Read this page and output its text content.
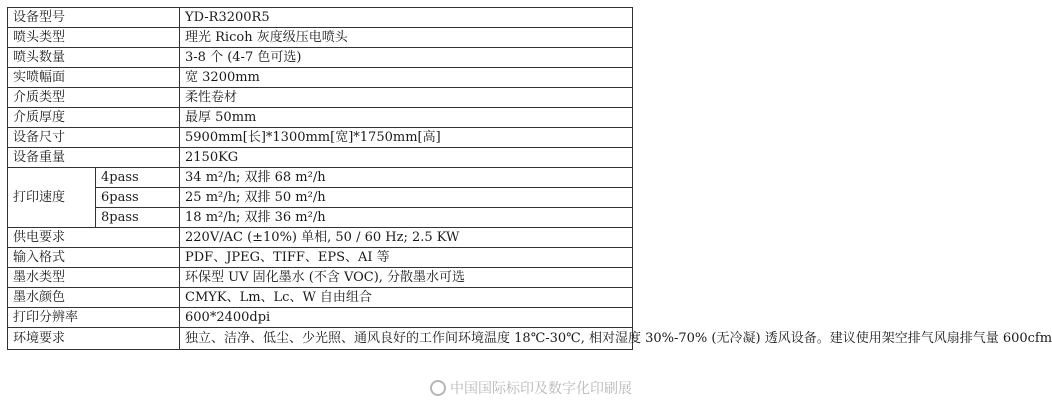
设备型号		YD-R3200R5
喷头类型		理光 Ricoh 灰度级压电喷头
喷头数量		3-8 个 (4-7 色可选)
实喷幅面		宽 3200mm
介质类型		柔性卷材
介质厚度		最厚 50mm
设备尺寸		5900mm[长]*1300mm[宽]*1750mm[高]
设备重量		2150KG
打印速度	4pass	34 m²/h; 双排 68 m²/h
	6pass	25 m²/h; 双排 50 m²/h
	8pass	18 m²/h; 双排 36 m²/h
供电要求		220V/AC (±10%) 单相, 50 / 60 Hz; 2.5 KW
输入格式		PDF、JPEG、TIFF、EPS、AI 等
墨水类型		环保型 UV 固化墨水 (不含 VOC), 分散墨水可选
墨水颜色		CMYK、Lm、Lc、W 自由组合
打印分辨率		600*2400dpi
环境要求		独立、洁净、低尘、少光照、通风良好的工作间环境温度 18℃-30℃, 相对湿度 30%-70% (无冷凝) 透风设备。建议使用架空排气风扇排气量 600cfm
中国国际标印及数字化印刷展
